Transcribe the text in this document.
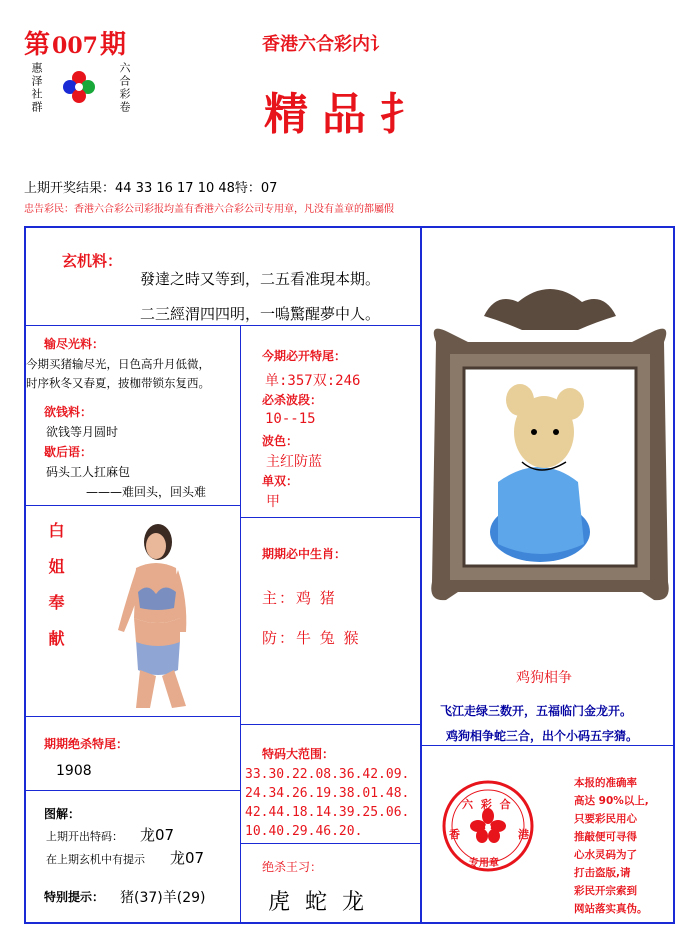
第007期
惠泽社群	六合彩卷
香港六合彩内讠
精品扌
上期开奖结果：44 33 16 17 10 48特：07
忠告彩民：香港六合彩公司彩报均盖有香港六合彩公司专用章，凡没有盖章的都屬假
玄机料：
發達之時又等到，二五看准現本期。
二三經渭四四明，一嗚驚醒夢中人。
输尽光料：
今期买猪输尽光，日色高升月低微，
时序秋冬又春夏，披枷带锁东复西。
欲钱料：
欲钱等月圆时
歇后语：
码头工人扛麻包
———难回头，回头难
白姐奉献
今期必开特尾：
单:357双:246
必杀波段：
10--15
波色：
主红防蓝
单双：
甲
期期必中生肖：
主：鸡 猪
防：牛 兔 猴
鸡狗相争
飞江走绿三数开，五福临门金龙开。
鸡狗相争蛇三合，出个小码五字猜。
期期绝杀特尾：
1908
特码大范围：
33.30.22.08.36.42.09.
24.34.26.19.38.01.48.
42.44.18.14.39.25.06.
10.40.29.46.20.
图解：
上期开出特码： 龙07
在上期玄机中有提示 龙07
特别提示： 猪(37)羊(29)
绝杀王习：
虎 蛇 龙
六 彩 合
香	港
专用章
本报的准确率
高达 90%以上,
只要彩民用心
推敲便可寻得
心水灵码为了
打击盗版,请
彩民开宗索到
网站落实真伪。
